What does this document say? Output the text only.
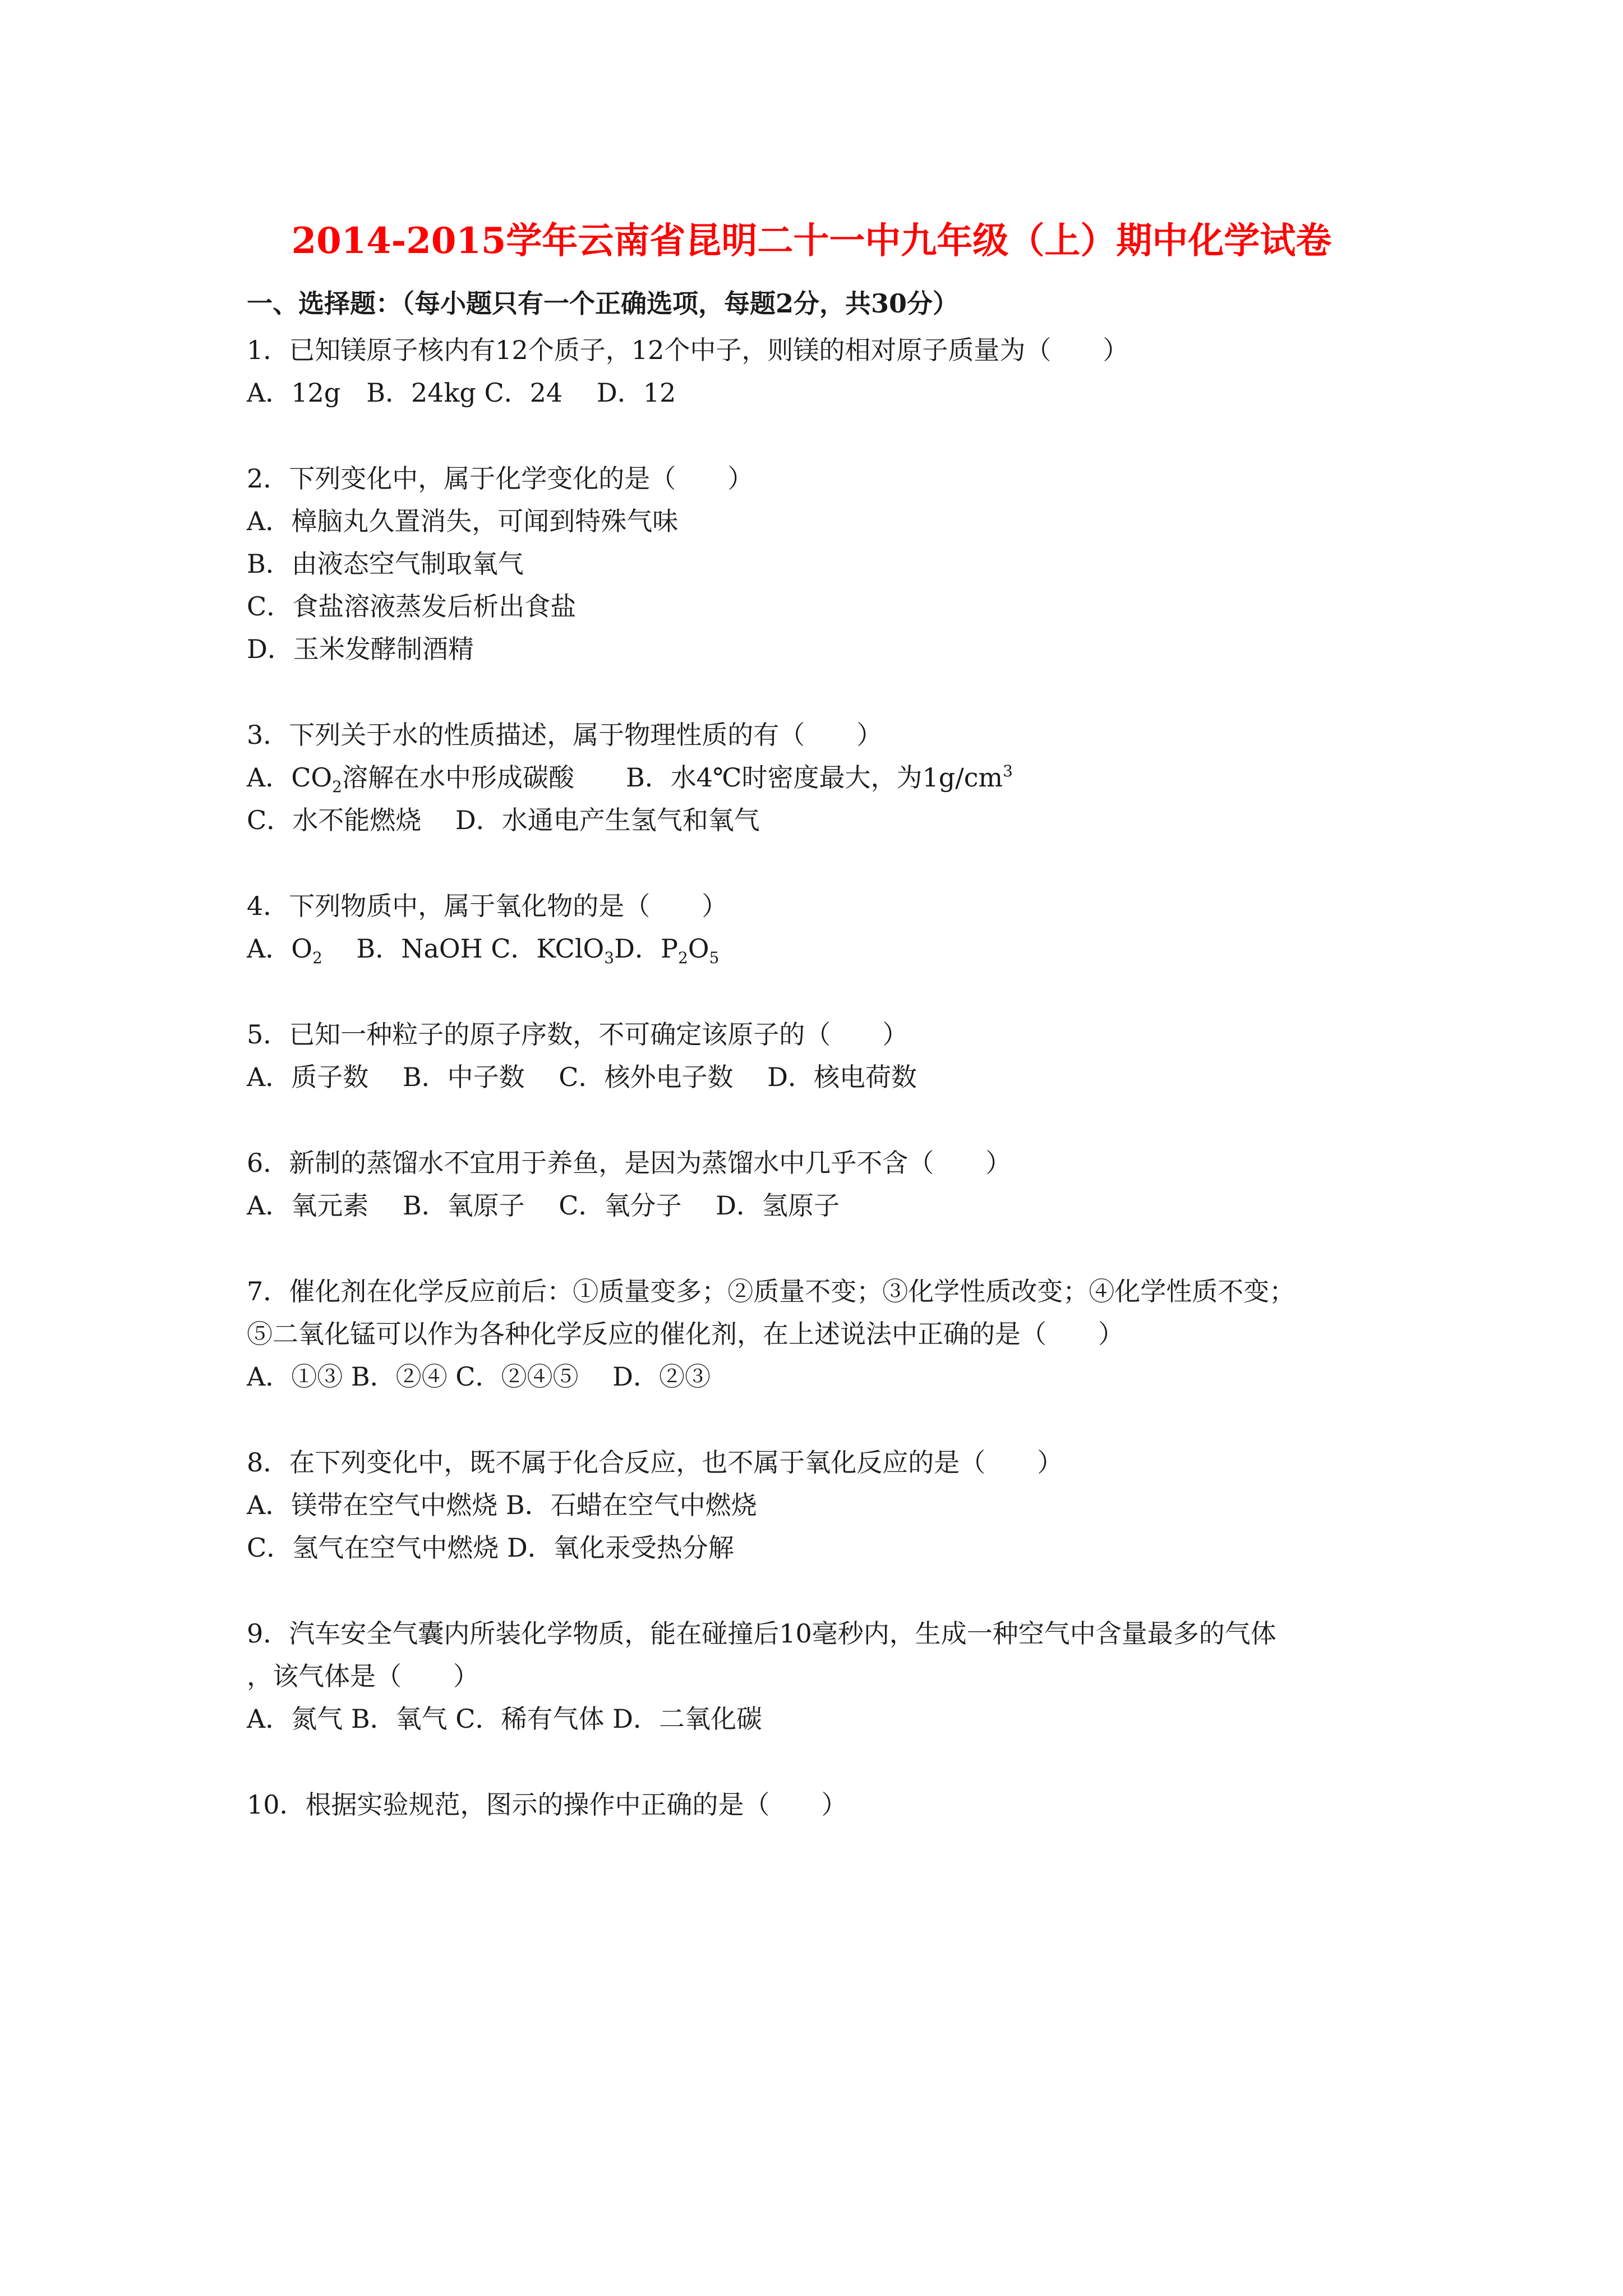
2014-2015学年云南省昆明二十一中九年级（上）期中化学试卷
一、选择题：（每小题只有一个正确选项，每题2分，共30分）
1．已知镁原子核内有12个质子，12个中子，则镁的相对原子质量为（　　）
A．12g　B．24kg C．24　 D．12
2．下列变化中，属于化学变化的是（　　）
A．樟脑丸久置消失，可闻到特殊气味
B．由液态空气制取氧气
C．食盐溶液蒸发后析出食盐
D．玉米发酵制酒精
3．下列关于水的性质描述，属于物理性质的有（　　）
A．$CO_2$溶解在水中形成碳酸　　B．水4℃时密度最大，为$1g/cm^3$
C．水不能燃烧　 D．水通电产生氢气和氧气
4．下列物质中，属于氧化物的是（　　）
A．$O_2$　 B．NaOH C．KClO$_3$D．$P_2O_5$
5．已知一种粒子的原子序数，不可确定该原子的（　　）
A．质子数　 B．中子数　 C．核外电子数　 D．核电荷数
6．新制的蒸馏水不宜用于养鱼，是因为蒸馏水中几乎不含（　　）
A．氧元素　 B．氧原子　 C．氧分子　 D．氢原子
7．催化剂在化学反应前后：①质量变多；②质量不变；③化学性质改变；④化学性质不变；
⑤二氧化锰可以作为各种化学反应的催化剂，在上述说法中正确的是（　　）
A．①③ B．②④ C．②④⑤　 D．②③
8．在下列变化中，既不属于化合反应，也不属于氧化反应的是（　　）
A．镁带在空气中燃烧 B．石蜡在空气中燃烧
C．氢气在空气中燃烧 D．氧化汞受热分解
9．汽车安全气囊内所装化学物质，能在碰撞后10毫秒内，生成一种空气中含量最多的气体
，该气体是（　　）
A．氮气 B．氧气 C．稀有气体 D．二氧化碳
10．根据实验规范，图示的操作中正确的是（　　）
